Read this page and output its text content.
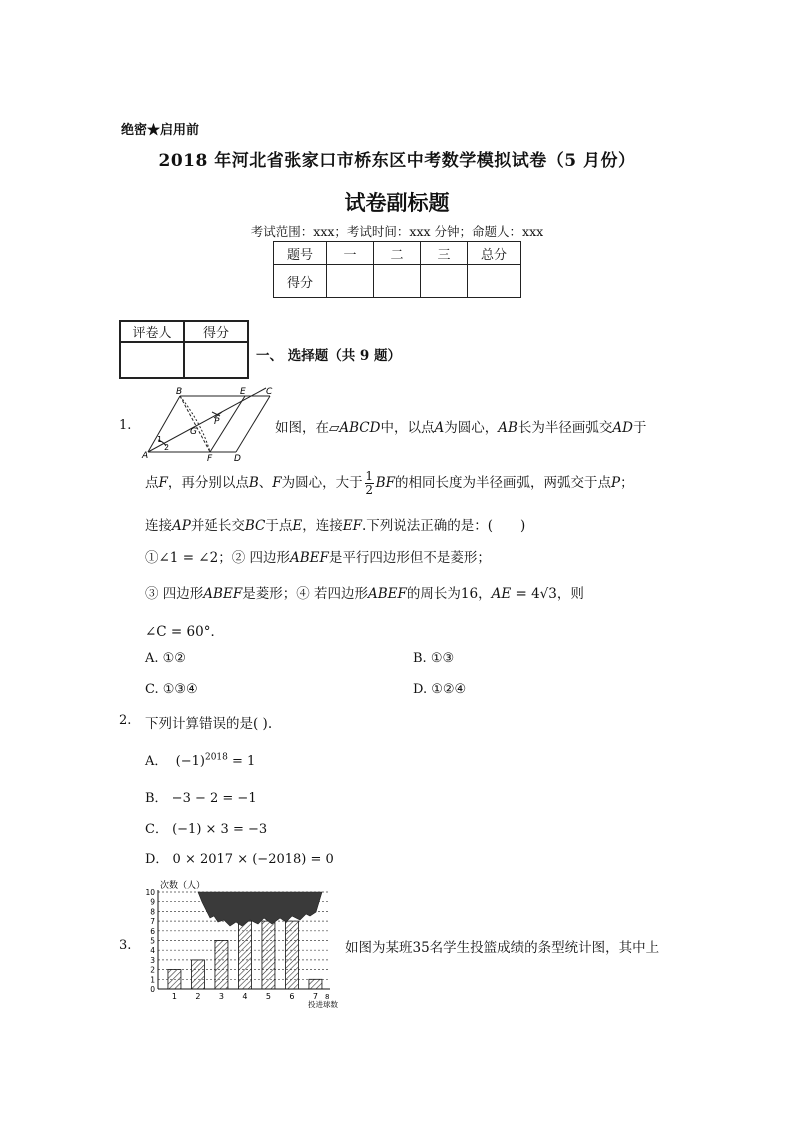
绝密★启用前
2018 年河北省张家口市桥东区中考数学模拟试卷（5 月份）
试卷副标题
考试范围：xxx；考试时间：xxx 分钟；命题人：xxx
题号	一	二	三	总分
得分				
评卷人	得分

一、 选择题（共 9 题）
1.
B	E C
P
G
1
2
A	F D
如图，在▱ABCD中，以点A为圆心，AB长为半径画弧交AD于
点F，再分别以点B、F为圆心，大于 $\frac{1}{2}$ BF的相同长度为半径画弧，两弧交于点P；
连接AP并延长交BC于点E，连接EF.下列说法正确的是：(　　)
①∠1 = ∠2；② 四边形ABEF是平行四边形但不是菱形；
③ 四边形ABEF是菱形；④ 若四边形ABEF的周长为16，AE = 4√3，则
∠C = 60°．
A. ①②	B. ①③
C. ①③④	D. ①②④
2. 下列计算错误的是( ).
A． $(-1)^{2018} = 1$
B． −3 − 2 = −1
C． (−1) × 3 = −3
D． 0 × 2017 × (−2018) = 0
3.
0
1
2
3
4
5
6
7
8
9
10
1 2 3 4 5 6 7 8
次数（人）
投进球数
如图为某班35名学生投篮成绩的条型统计图，其中上
